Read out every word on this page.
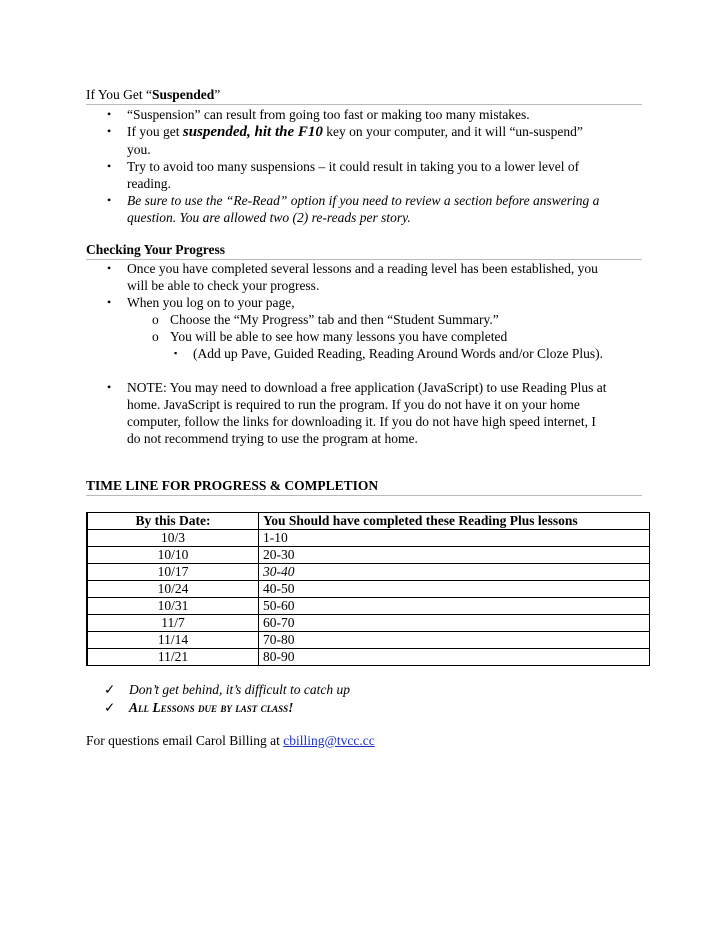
If You Get “Suspended”
• “Suspension” can result from going too fast or making too many mistakes.
• If you get suspended, hit the F10 key on your computer, and it will “un-suspend”
you.
• Try to avoid too many suspensions – it could result in taking you to a lower level of
reading.
• Be sure to use the “Re-Read” option if you need to review a section before answering a
question. You are allowed two (2) re-reads per story.
Checking Your Progress
• Once you have completed several lessons and a reading level has been established, you
will be able to check your progress.
• When you log on to your page,
o Choose the “My Progress” tab and then “Student Summary.”
o You will be able to see how many lessons you have completed
▪ (Add up Pave, Guided Reading, Reading Around Words and/or Cloze Plus).
• NOTE: You may need to download a free application (JavaScript) to use Reading Plus at
home. JavaScript is required to run the program. If you do not have it on your home
computer, follow the links for downloading it. If you do not have high speed internet, I
do not recommend trying to use the program at home.
TIME LINE FOR PROGRESS & COMPLETION
By this Date:	You Should have completed these Reading Plus lessons
10/3	1-10
10/10	20-30
10/17	30-40
10/24	40-50
10/31	50-60
11/7	60-70
11/14	70-80
11/21	80-90
✓ Don’t get behind, it’s difficult to catch up
✓ All Lessons due by last class!
For questions email Carol Billing at cbilling@tvcc.cc
